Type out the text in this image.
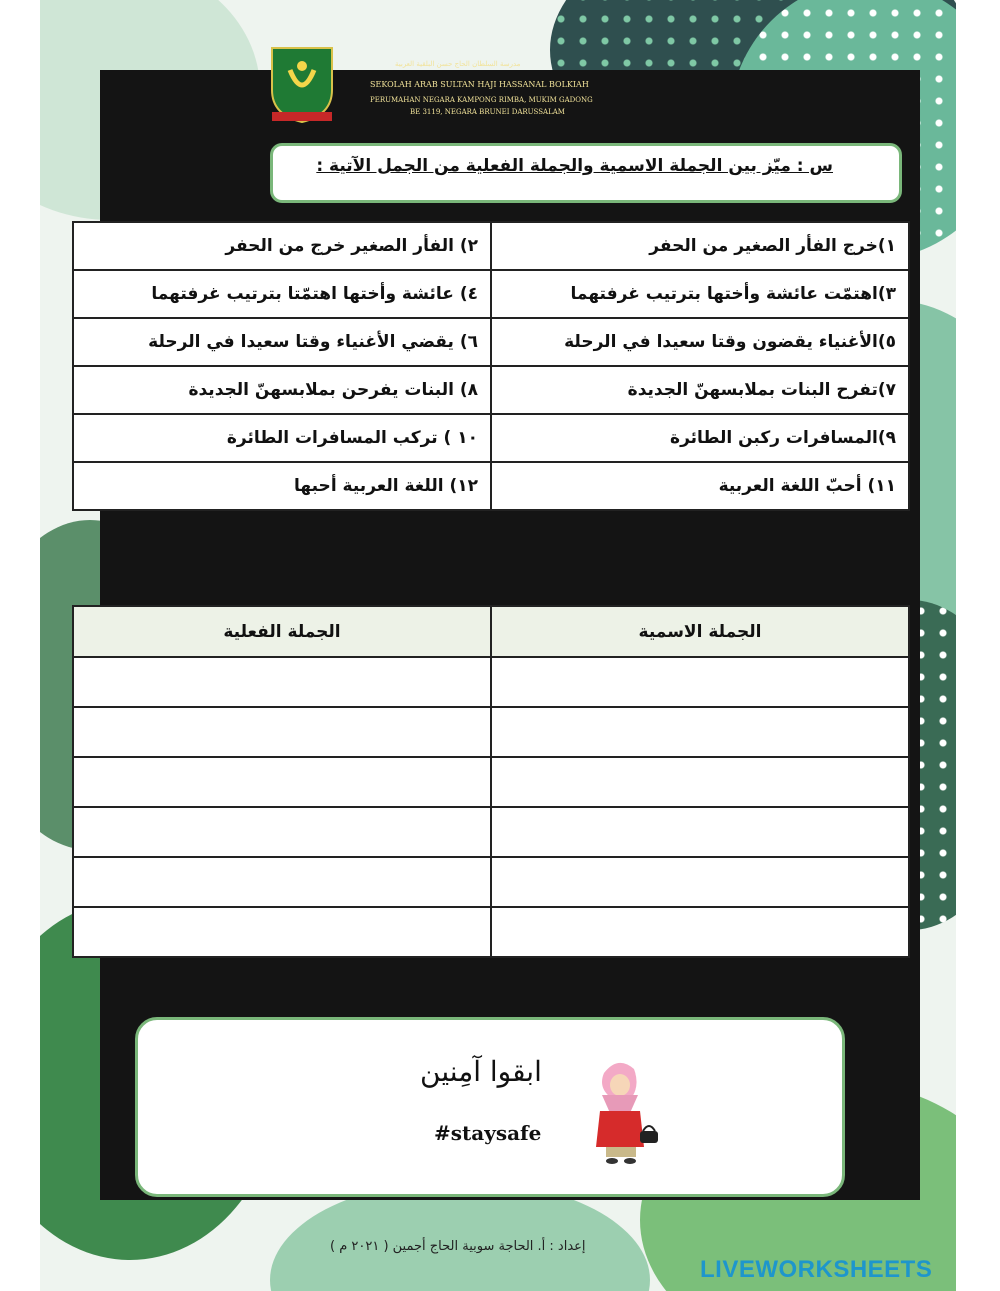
مدرسة السلطان الحاج حسن البلقية العربية
SEKOLAH ARAB SULTAN HAJI HASSANAL BOLKIAH
PERUMAHAN NEGARA KAMPONG RIMBA, MUKIM GADONG
BE 3119, NEGARA BRUNEI DARUSSALAM
س : ميّز بين الجملة الاسمية والجملة الفعلية من الجمل الآتية :
٢) الفأر الصغير خرج من الحفر	١)خرج الفأر الصغير من الحفر
٤) عائشة وأختها اهتمّتا بترتيب غرفتهما	٣)اهتمّت عائشة وأختها بترتيب غرفتهما
٦) يقضي الأغنياء وقتا سعيدا في الرحلة	٥)الأغنياء يقضون وقتا سعيدا في الرحلة
٨) البنات يفرحن بملابسهنّ الجديدة	٧)تفرح البنات بملابسهنّ الجديدة
١٠ ) تركب المسافرات الطائرة	٩)المسافرات ركبن الطائرة
١٢) اللغة العربية أحبها	١١) أحبّ اللغة العربية
الجملة الفعلية	الجملة الاسمية

ابقوا آمِنين
#staysafe
إعداد : أ. الحاجة سوبية الحاج أجمين ( ٢٠٢١ م )
LIVEWORKSHEETS
